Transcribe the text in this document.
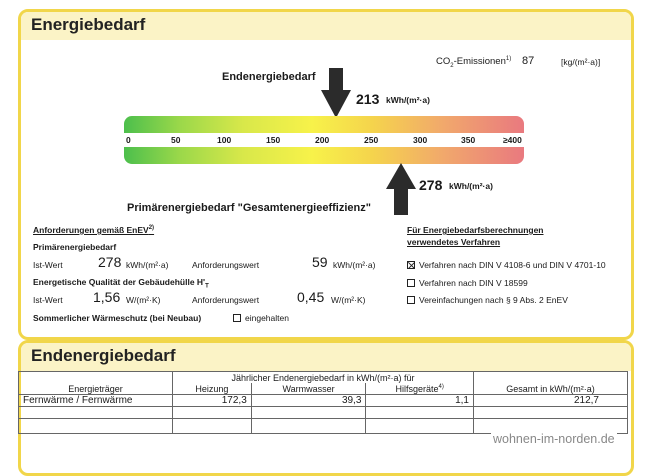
Energiebedarf
$CO_2-Emissionen^{1)}$ 87	[kg/(m²·a)]
Endenergiebedarf
213 kWh/(m²·a)
0	50	100	150	200	250	300	350	≥400
278 kWh/(m²·a)
Primärenergiebedarf "Gesamtenergieeffizienz"
Anforderungen gemäß EnEV$^{2)}$
Primärenergiebedarf
Ist-Wert	278 kWh/(m²·a)	Anforderungswert	59 kWh/(m²·a)
Energetische Qualität der Gebäudehülle $H'_T$
Ist-Wert 1,56 W/(m²·K)	Anforderungswert	0,45 W/(m²·K)
Sommerlicher Wärmeschutz (bei Neubau)	eingehalten
Für Energiebedarfsberechnungen
verwendetes Verfahren
Verfahren nach DIN V 4108-6 und DIN V 4701-10
Verfahren nach DIN V 18599
Vereinfachungen nach § 9 Abs. 2 EnEV
Endenergiebedarf
Energieträger	Jährlicher Endenergiebedarf in kWh/(m²·a) für			Gesamt in kWh/(m²·a)
	Heizung	Warmwasser	Hilfsgeräte$^{4)}$
Fernwärme / Fernwärme	172,3	39,3	1,1	212,7

wohnen-im-norden.de
